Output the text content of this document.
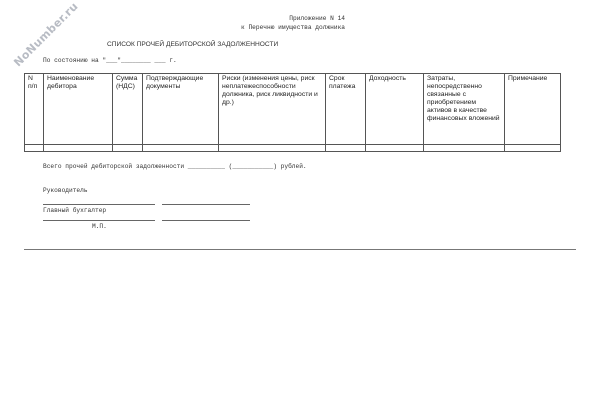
NoNumber.ru	Приложение N 14
к Перечню имущества должника
СПИСОК ПРОЧЕЙ ДЕБИТОРСКОЙ ЗАДОЛЖЕННОСТИ
По состоянию на "___"________ ___ г.
N п/п	Наименование дебитора	Сумма (НДС)	Подтверждающие документы	Риски (изменения цены, риск неплатежеспособности должника, риск ликвидности и др.)	Срок платежа	Доходность	Затраты, непосредственно связанные с приобретением активов в качестве финансовых вложений	Примечание

Всего прочей дебиторской задолженности __________ (___________) рублей.
Руководитель
Главный бухгалтер
М.П.
